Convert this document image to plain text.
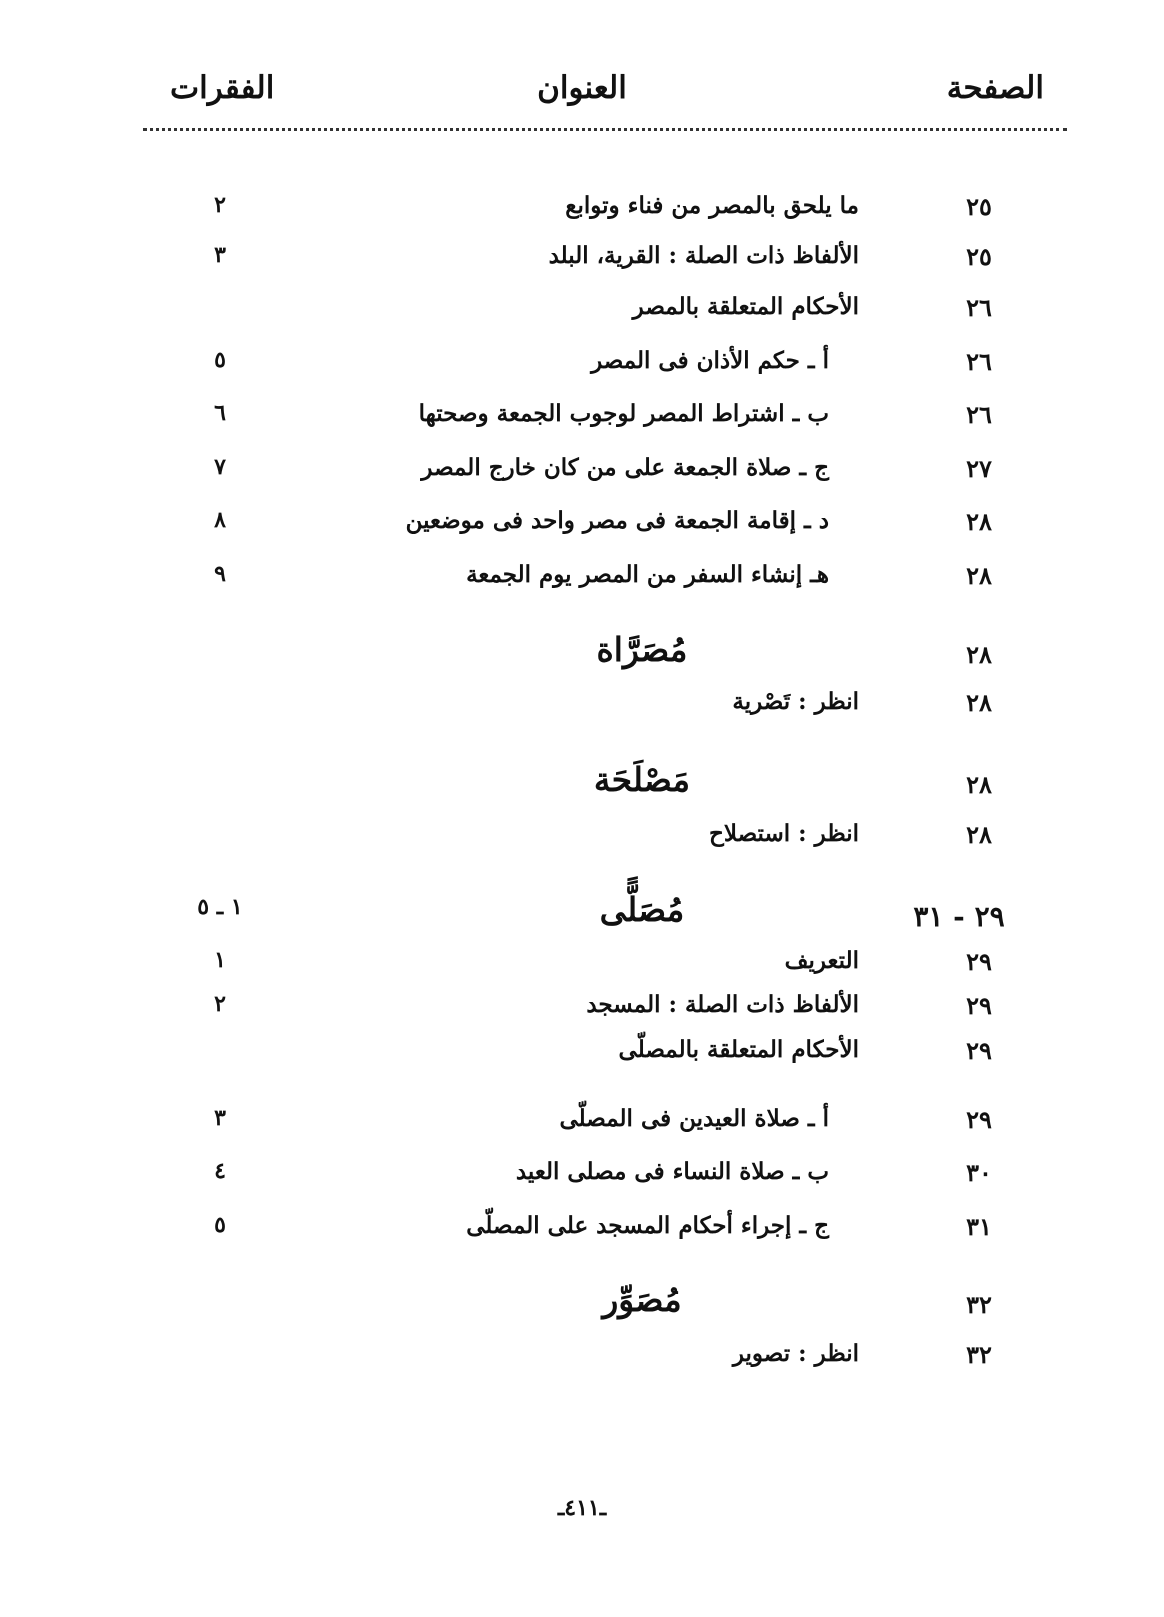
الصفحة
العنوان
الفقرات
٢٥
ما يلحق بالمصر من فناء وتوابع
٢
٢٥
الألفاظ ذات الصلة : القرية، البلد
٣
٢٦
الأحكام المتعلقة بالمصر
٢٦
أ ـ حكم الأذان فى المصر
٥
٢٦
ب ـ اشتراط المصر لوجوب الجمعة وصحتها
٦
٢٧
ج ـ صلاة الجمعة على من كان خارج المصر
٧
٢٨
د ـ إقامة الجمعة فى مصر واحد فى موضعين
٨
٢٨
هـ إنشاء السفر من المصر يوم الجمعة
٩
٢٨
مُصَرَّاة
٢٨
انظر : تَصْرية
٢٨
مَصْلَحَة
٢٨
انظر : استصلاح
٢٩ - ٣١
مُصَلًّى
١ ـ ٥
٢٩
التعريف
١
٢٩
الألفاظ ذات الصلة : المسجد
٢
٢٩
الأحكام المتعلقة بالمصلّى
٢٩
أ ـ صلاة العيدين فى المصلّى
٣
٣٠
ب ـ صلاة النساء فى مصلى العيد
٤
٣١
ج ـ إجراء أحكام المسجد على المصلّى
٥
٣٢
مُصَوِّر
٣٢
انظر : تصوير
ـ٤١١ـ
